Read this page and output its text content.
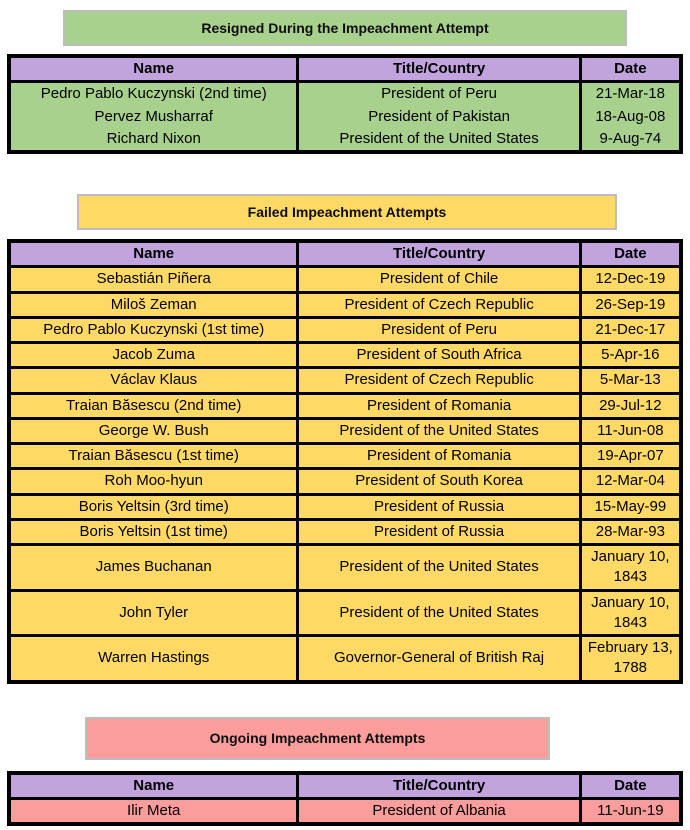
Resigned During the Impeachment Attempt
Name	Title/Country	Date
Pedro Pablo Kuczynski (2nd time)	President of Peru	21-Mar-18
Pervez Musharraf	President of Pakistan	18-Aug-08
Richard Nixon	President of the United States	9-Aug-74
Failed Impeachment Attempts
Name	Title/Country	Date
Sebastián Piñera	President of Chile	12-Dec-19
Miloš Zeman	President of Czech Republic	26-Sep-19
Pedro Pablo Kuczynski (1st time)	President of Peru	21-Dec-17
Jacob Zuma	President of South Africa	5-Apr-16
Václav Klaus	President of Czech Republic	5-Mar-13
Traian Băsescu (2nd time)	President of Romania	29-Jul-12
George W. Bush	President of the United States	11-Jun-08
Traian Băsescu (1st time)	President of Romania	19-Apr-07
Roh Moo-hyun	President of South Korea	12-Mar-04
Boris Yeltsin (3rd time)	President of Russia	15-May-99
Boris Yeltsin (1st time)	President of Russia	28-Mar-93
James Buchanan	President of the United States	January 10, 1843
John Tyler	President of the United States	January 10, 1843
Warren Hastings	Governor-General of British Raj	February 13, 1788
Ongoing Impeachment Attempts
Name	Title/Country	Date
Ilir Meta	President of Albania	11-Jun-19
